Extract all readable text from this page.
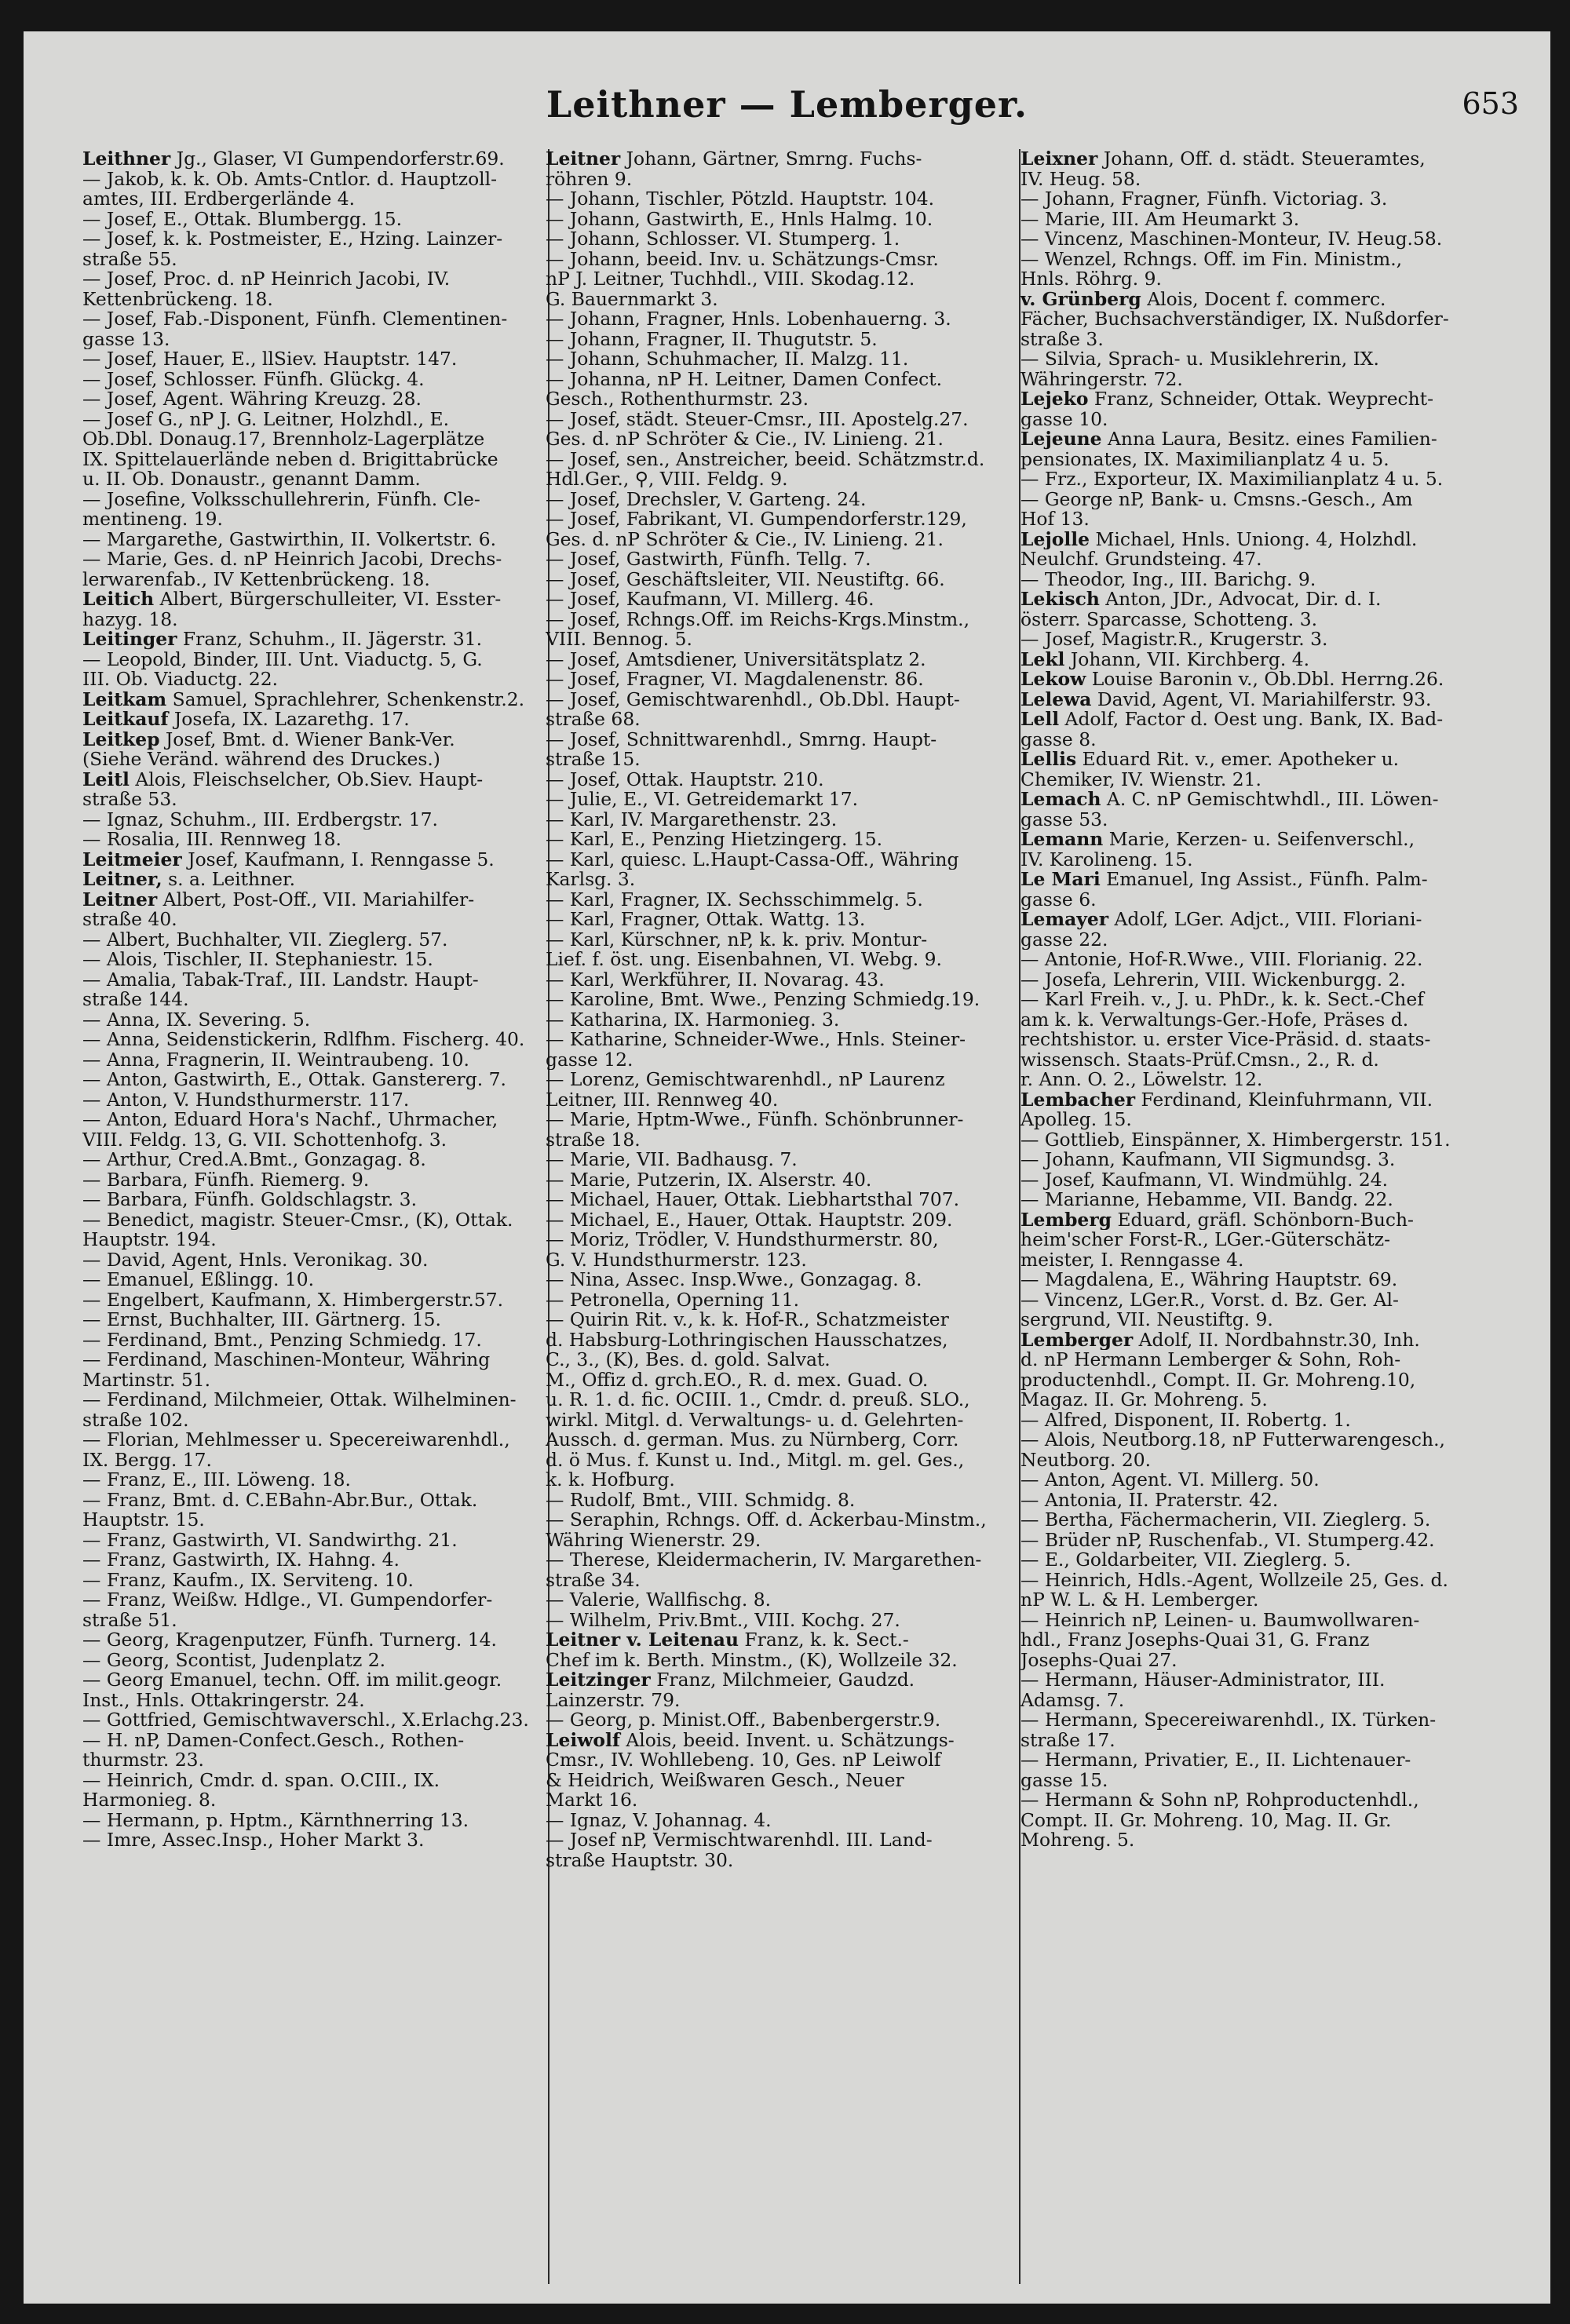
Leithner — Lemberger.	653
Leithner Jg., Glaser, VI Gumpendorferstr.69.
— Jakob, k. k. Ob. Amts-Cntlor. d. Hauptzoll-
amtes, III. Erdbergerlände 4.
— Josef, E., Ottak. Blumbergg. 15.
— Josef, k. k. Postmeister, E., Hzing. Lainzer-
straße 55.
— Josef, Proc. d. nP Heinrich Jacobi, IV.
Kettenbrückeng. 18.
— Josef, Fab.-Disponent, Fünfh. Clementinen-
gasse 13.
— Josef, Hauer, E., llSiev. Hauptstr. 147.
— Josef, Schlosser. Fünfh. Glückg. 4.
— Josef, Agent. Währing Kreuzg. 28.
— Josef G., nP J. G. Leitner, Holzhdl., E.
Ob.Dbl. Donaug.17, Brennholz-Lagerplätze
IX. Spittelauerlände neben d. Brigittabrücke
u. II. Ob. Donaustr., genannt Damm.
— Josefine, Volksschullehrerin, Fünfh. Cle-
mentineng. 19.
— Margarethe, Gastwirthin, II. Volkertstr. 6.
— Marie, Ges. d. nP Heinrich Jacobi, Drechs-
lerwarenfab., IV Kettenbrückeng. 18.
Leitich Albert, Bürgerschulleiter, VI. Esster-
hazyg. 18.
Leitinger Franz, Schuhm., II. Jägerstr. 31.
— Leopold, Binder, III. Unt. Viaductg. 5, G.
III. Ob. Viaductg. 22.
Leitkam Samuel, Sprachlehrer, Schenkenstr.2.
Leitkauf Josefa, IX. Lazarethg. 17.
Leitkep Josef, Bmt. d. Wiener Bank-Ver.
(Siehe Veränd. während des Druckes.)
Leitl Alois, Fleischselcher, Ob.Siev. Haupt-
straße 53.
— Ignaz, Schuhm., III. Erdbergstr. 17.
— Rosalia, III. Rennweg 18.
Leitmeier Josef, Kaufmann, I. Renngasse 5.
Leitner, s. a. Leithner.
Leitner Albert, Post-Off., VII. Mariahilfer-
straße 40.
— Albert, Buchhalter, VII. Zieglerg. 57.
— Alois, Tischler, II. Stephaniestr. 15.
— Amalia, Tabak-Traf., III. Landstr. Haupt-
straße 144.
— Anna, IX. Severing. 5.
— Anna, Seidenstickerin, Rdlfhm. Fischerg. 40.
— Anna, Fragnerin, II. Weintraubeng. 10.
— Anton, Gastwirth, E., Ottak. Ganstererg. 7.
— Anton, V. Hundsthurmerstr. 117.
— Anton, Eduard Hora's Nachf., Uhrmacher,
VIII. Feldg. 13, G. VII. Schottenhofg. 3.
— Arthur, Cred.A.Bmt., Gonzagag. 8.
— Barbara, Fünfh. Riemerg. 9.
— Barbara, Fünfh. Goldschlagstr. 3.
— Benedict, magistr. Steuer-Cmsr., (K), Ottak.
Hauptstr. 194.
— David, Agent, Hnls. Veronikag. 30.
— Emanuel, Eßlingg. 10.
— Engelbert, Kaufmann, X. Himbergerstr.57.
— Ernst, Buchhalter, III. Gärtnerg. 15.
— Ferdinand, Bmt., Penzing Schmiedg. 17.
— Ferdinand, Maschinen-Monteur, Währing
Martinstr. 51.
— Ferdinand, Milchmeier, Ottak. Wilhelminen-
straße 102.
— Florian, Mehlmesser u. Specereiwarenhdl.,
IX. Bergg. 17.
— Franz, E., III. Löweng. 18.
— Franz, Bmt. d. C.EBahn-Abr.Bur., Ottak.
Hauptstr. 15.
— Franz, Gastwirth, VI. Sandwirthg. 21.
— Franz, Gastwirth, IX. Hahng. 4.
— Franz, Kaufm., IX. Serviteng. 10.
— Franz, Weißw. Hdlge., VI. Gumpendorfer-
straße 51.
— Georg, Kragenputzer, Fünfh. Turnerg. 14.
— Georg, Scontist, Judenplatz 2.
— Georg Emanuel, techn. Off. im milit.geogr.
Inst., Hnls. Ottakringerstr. 24.
— Gottfried, Gemischtwaverschl., X.Erlachg.23.
— H. nP, Damen-Confect.Gesch., Rothen-
thurmstr. 23.
— Heinrich, Cmdr. d. span. O.CIII., IX.
Harmonieg. 8.
— Hermann, p. Hptm., Kärnthnerring 13.
— Imre, Assec.Insp., Hoher Markt 3.
Leitner Johann, Gärtner, Smrng. Fuchs-
röhren 9.
— Johann, Tischler, Pötzld. Hauptstr. 104.
— Johann, Gastwirth, E., Hnls Halmg. 10.
— Johann, Schlosser. VI. Stumperg. 1.
— Johann, beeid. Inv. u. Schätzungs-Cmsr.
nP J. Leitner, Tuchhdl., VIII. Skodag.12.
G. Bauernmarkt 3.
— Johann, Fragner, Hnls. Lobenhauerng. 3.
— Johann, Fragner, II. Thugutstr. 5.
— Johann, Schuhmacher, II. Malzg. 11.
— Johanna, nP H. Leitner, Damen Confect.
Gesch., Rothenthurmstr. 23.
— Josef, städt. Steuer-Cmsr., III. Apostelg.27.
Ges. d. nP Schröter & Cie., IV. Linieng. 21.
— Josef, sen., Anstreicher, beeid. Schätzmstr.d.
Hdl.Ger., ⚲, VIII. Feldg. 9.
— Josef, Drechsler, V. Garteng. 24.
— Josef, Fabrikant, VI. Gumpendorferstr.129,
Ges. d. nP Schröter & Cie., IV. Linieng. 21.
— Josef, Gastwirth, Fünfh. Tellg. 7.
— Josef, Geschäftsleiter, VII. Neustiftg. 66.
— Josef, Kaufmann, VI. Millerg. 46.
— Josef, Rchngs.Off. im Reichs-Krgs.Minstm.,
VIII. Bennog. 5.
— Josef, Amtsdiener, Universitätsplatz 2.
— Josef, Fragner, VI. Magdalenenstr. 86.
— Josef, Gemischtwarenhdl., Ob.Dbl. Haupt-
straße 68.
— Josef, Schnittwarenhdl., Smrng. Haupt-
straße 15.
— Josef, Ottak. Hauptstr. 210.
— Julie, E., VI. Getreidemarkt 17.
— Karl, IV. Margarethenstr. 23.
— Karl, E., Penzing Hietzingerg. 15.
— Karl, quiesc. L.Haupt-Cassa-Off., Währing
Karlsg. 3.
— Karl, Fragner, IX. Sechsschimmelg. 5.
— Karl, Fragner, Ottak. Wattg. 13.
— Karl, Kürschner, nP, k. k. priv. Montur-
Lief. f. öst. ung. Eisenbahnen, VI. Webg. 9.
— Karl, Werkführer, II. Novarag. 43.
— Karoline, Bmt. Wwe., Penzing Schmiedg.19.
— Katharina, IX. Harmonieg. 3.
— Katharine, Schneider-Wwe., Hnls. Steiner-
gasse 12.
— Lorenz, Gemischtwarenhdl., nP Laurenz
Leitner, III. Rennweg 40.
— Marie, Hptm-Wwe., Fünfh. Schönbrunner-
straße 18.
— Marie, VII. Badhausg. 7.
— Marie, Putzerin, IX. Alserstr. 40.
— Michael, Hauer, Ottak. Liebhartsthal 707.
— Michael, E., Hauer, Ottak. Hauptstr. 209.
— Moriz, Trödler, V. Hundsthurmerstr. 80,
G. V. Hundsthurmerstr. 123.
— Nina, Assec. Insp.Wwe., Gonzagag. 8.
— Petronella, Operning 11.
— Quirin Rit. v., k. k. Hof-R., Schatzmeister
d. Habsburg-Lothringischen Hausschatzes,
C., 3., (K), Bes. d. gold. Salvat.
M., Offiz d. grch.EO., R. d. mex. Guad. O.
u. R. 1. d. fic. OCIII. 1., Cmdr. d. preuß. SLO.,
wirkl. Mitgl. d. Verwaltungs- u. d. Gelehrten-
Aussch. d. german. Mus. zu Nürnberg, Corr.
d. ö Mus. f. Kunst u. Ind., Mitgl. m. gel. Ges.,
k. k. Hofburg.
— Rudolf, Bmt., VIII. Schmidg. 8.
— Seraphin, Rchngs. Off. d. Ackerbau-Minstm.,
Währing Wienerstr. 29.
— Therese, Kleidermacherin, IV. Margarethen-
straße 34.
— Valerie, Wallfischg. 8.
— Wilhelm, Priv.Bmt., VIII. Kochg. 27.
Leitner v. Leitenau Franz, k. k. Sect.-
Chef im k. Berth. Minstm., (K), Wollzeile 32.
Leitzinger Franz, Milchmeier, Gaudzd.
Lainzerstr. 79.
— Georg, p. Minist.Off., Babenbergerstr.9.
Leiwolf Alois, beeid. Invent. u. Schätzungs-
Cmsr., IV. Wohllebeng. 10, Ges. nP Leiwolf
& Heidrich, Weißwaren Gesch., Neuer
Markt 16.
— Ignaz, V. Johannag. 4.
— Josef nP, Vermischtwarenhdl. III. Land-
straße Hauptstr. 30.
Leixner Johann, Off. d. städt. Steueramtes,
IV. Heug. 58.
— Johann, Fragner, Fünfh. Victoriag. 3.
— Marie, III. Am Heumarkt 3.
— Vincenz, Maschinen-Monteur, IV. Heug.58.
— Wenzel, Rchngs. Off. im Fin. Ministm.,
Hnls. Röhrg. 9.
v. Grünberg Alois, Docent f. commerc.
Fächer, Buchsachverständiger, IX. Nußdorfer-
straße 3.
— Silvia, Sprach- u. Musiklehrerin, IX.
Währingerstr. 72.
Lejeko Franz, Schneider, Ottak. Weyprecht-
gasse 10.
Lejeune Anna Laura, Besitz. eines Familien-
pensionates, IX. Maximilianplatz 4 u. 5.
— Frz., Exporteur, IX. Maximilianplatz 4 u. 5.
— George nP, Bank- u. Cmsns.-Gesch., Am
Hof 13.
Lejolle Michael, Hnls. Uniong. 4, Holzhdl.
Neulchf. Grundsteing. 47.
— Theodor, Ing., III. Barichg. 9.
Lekisch Anton, JDr., Advocat, Dir. d. I.
österr. Sparcasse, Schotteng. 3.
— Josef, Magistr.R., Krugerstr. 3.
Lekl Johann, VII. Kirchberg. 4.
Lekow Louise Baronin v., Ob.Dbl. Herrng.26.
Lelewa David, Agent, VI. Mariahilferstr. 93.
Lell Adolf, Factor d. Oest ung. Bank, IX. Bad-
gasse 8.
Lellis Eduard Rit. v., emer. Apotheker u.
Chemiker, IV. Wienstr. 21.
Lemach A. C. nP Gemischtwhdl., III. Löwen-
gasse 53.
Lemann Marie, Kerzen- u. Seifenverschl.,
IV. Karolineng. 15.
Le Mari Emanuel, Ing Assist., Fünfh. Palm-
gasse 6.
Lemayer Adolf, LGer. Adjct., VIII. Floriani-
gasse 22.
— Antonie, Hof-R.Wwe., VIII. Florianig. 22.
— Josefa, Lehrerin, VIII. Wickenburgg. 2.
— Karl Freih. v., J. u. PhDr., k. k. Sect.-Chef
am k. k. Verwaltungs-Ger.-Hofe, Präses d.
rechtshistor. u. erster Vice-Präsid. d. staats-
wissensch. Staats-Prüf.Cmsn., 2., R. d.
r. Ann. O. 2., Löwelstr. 12.
Lembacher Ferdinand, Kleinfuhrmann, VII.
Apolleg. 15.
— Gottlieb, Einspänner, X. Himbergerstr. 151.
— Johann, Kaufmann, VII Sigmundsg. 3.
— Josef, Kaufmann, VI. Windmühlg. 24.
— Marianne, Hebamme, VII. Bandg. 22.
Lemberg Eduard, gräfl. Schönborn-Buch-
heim'scher Forst-R., LGer.-Güterschätz-
meister, I. Renngasse 4.
— Magdalena, E., Währing Hauptstr. 69.
— Vincenz, LGer.R., Vorst. d. Bz. Ger. Al-
sergrund, VII. Neustiftg. 9.
Lemberger Adolf, II. Nordbahnstr.30, Inh.
d. nP Hermann Lemberger & Sohn, Roh-
productenhdl., Compt. II. Gr. Mohreng.10,
Magaz. II. Gr. Mohreng. 5.
— Alfred, Disponent, II. Robertg. 1.
— Alois, Neutborg.18, nP Futterwarengesch.,
Neutborg. 20.
— Anton, Agent. VI. Millerg. 50.
— Antonia, II. Praterstr. 42.
— Bertha, Fächermacherin, VII. Zieglerg. 5.
— Brüder nP, Ruschenfab., VI. Stumperg.42.
— E., Goldarbeiter, VII. Zieglerg. 5.
— Heinrich, Hdls.-Agent, Wollzeile 25, Ges. d.
nP W. L. & H. Lemberger.
— Heinrich nP, Leinen- u. Baumwollwaren-
hdl., Franz Josephs-Quai 31, G. Franz
Josephs-Quai 27.
— Hermann, Häuser-Administrator, III.
Adamsg. 7.
— Hermann, Specereiwarenhdl., IX. Türken-
straße 17.
— Hermann, Privatier, E., II. Lichtenauer-
gasse 15.
— Hermann & Sohn nP, Rohproductenhdl.,
Compt. II. Gr. Mohreng. 10, Mag. II. Gr.
Mohreng. 5.
